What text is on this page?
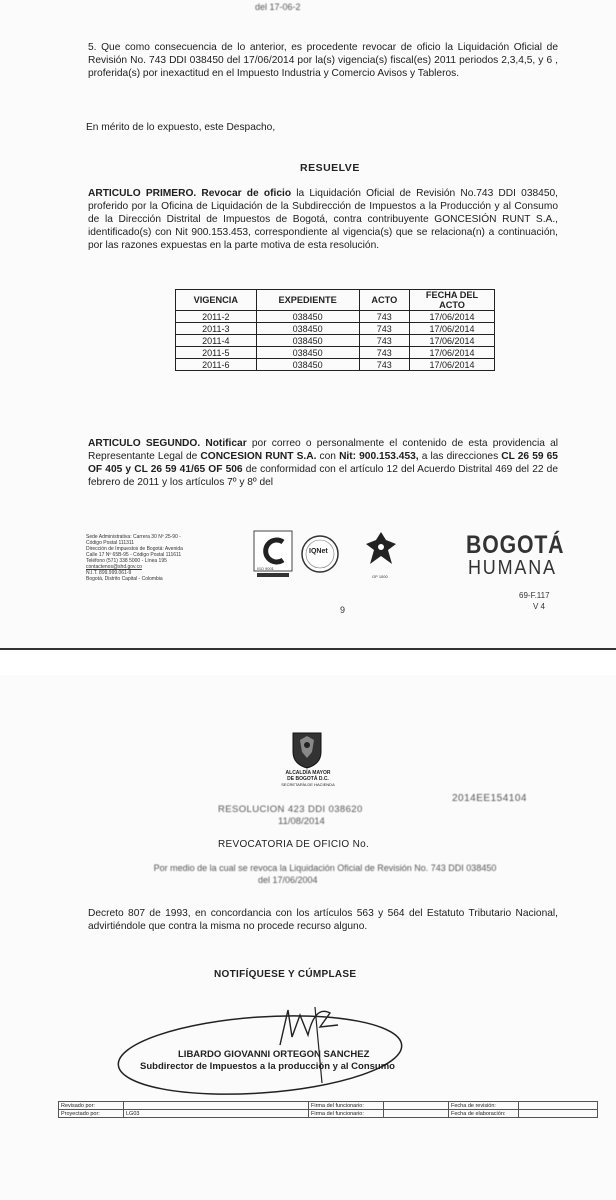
del 17-06-2
5. Que como consecuencia de lo anterior, es procedente revocar de oficio la Liquidación Oficial de Revisión No. 743 DDI 038450 del 17/06/2014 por la(s) vigencia(s) fiscal(es) 2011 periodos 2,3,4,5, y 6 , proferida(s) por inexactitud en el Impuesto Industria y Comercio Avisos y Tableros.
En mérito de lo expuesto, este Despacho,
RESUELVE
ARTICULO PRIMERO. Revocar de oficio la Liquidación Oficial de Revisión No.743 DDI 038450, proferido por la Oficina de Liquidación de la Subdirección de Impuestos a la Producción y al Consumo de la Dirección Distrital de Impuestos de Bogotá, contra contribuyente GONCESIÓN RUNT S.A., identificado(s) con Nit 900.153.453, correspondiente al vigencia(s) que se relaciona(n) a continuación, por las razones expuestas en la parte motiva de esta resolución.
VIGENCIA	EXPEDIENTE	ACTO	FECHA DEL ACTO
2011-2	038450	743	17/06/2014
2011-3	038450	743	17/06/2014
2011-4	038450	743	17/06/2014
2011-5	038450	743	17/06/2014
2011-6	038450	743	17/06/2014
ARTICULO SEGUNDO. Notificar por correo o personalmente el contenido de esta providencia al Representante Legal de CONCESION RUNT S.A. con Nit: 900.153.453, a las direcciones CL 26 59 65 OF 405 y CL 26 59 41/65 OF 506 de conformidad con el artículo 12 del Acuerdo Distrital 469 del 22 de febrero de 2011 y los artículos 7º y 8º del
Sede Administrativa: Carrera 30 Nº 25-90 -
Código Postal 111311
Dirección de Impuestos de Bogotá: Avenida
Calle 17 Nº 65B-95 - Código Postal 111611
Teléfono (571) 338 5000 - Línea 195
contactenos@shd.gov.co
N.I.T. 899.999.061-9
Bogotá, Distrito Capital - Colombia
ISO 9001
IQNet
GP 1000
BOGOTÁ
HUMANA
69-F.117
V 4
9
ALCALDÍA MAYOR
DE BOGOTÁ D.C.
SECRETARÍA DE HACIENDA
2014EE154104
RESOLUCION 423 DDI 038620
11/08/2014
REVOCATORIA DE OFICIO No.
Por medio de la cual se revoca la Liquidación Oficial de Revisión No. 743 DDI 038450
del 17/06/2004
Decreto 807 de 1993, en concordancia con los artículos 563 y 564 del Estatuto Tributario Nacional, advirtiéndole que contra la misma no procede recurso alguno.
NOTIFÍQUESE Y CÚMPLASE
LIBARDO GIOVANNI ORTEGON SANCHEZ
Subdirector de Impuestos a la producción y al Consumo
Revisado por:		Firma del funcionario:		Fecha de revisión:	
Proyectado por:	LG03	Firma del funcionario:		Fecha de elaboración:	
